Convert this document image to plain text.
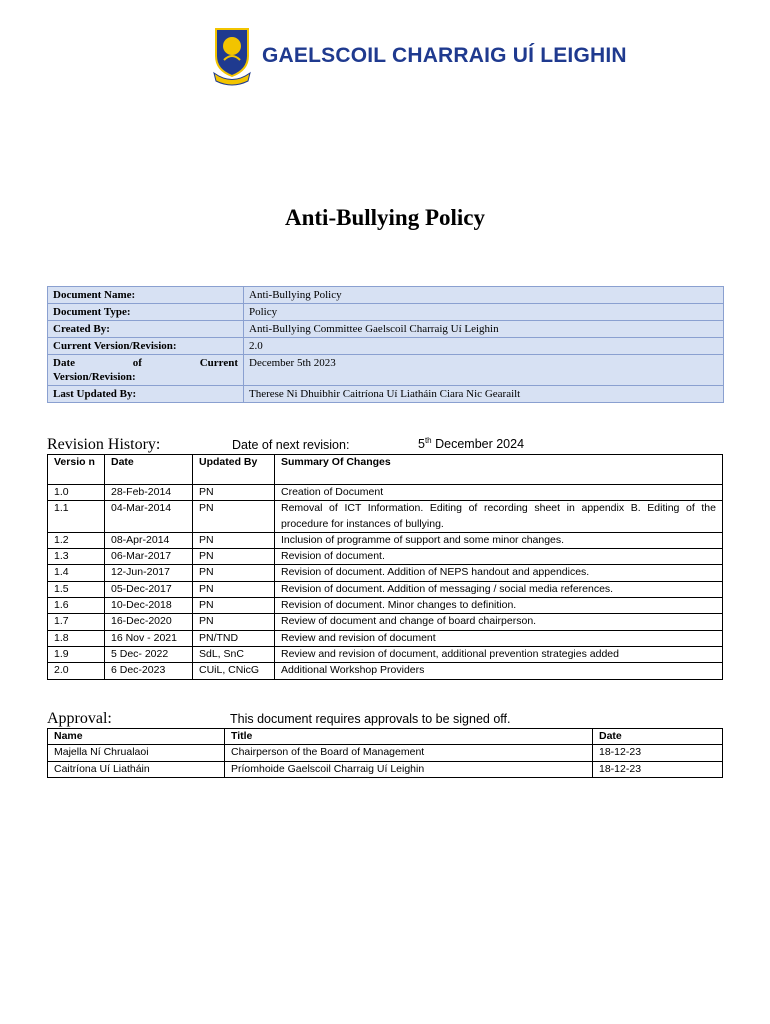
GAELSCOIL CHARRAIG UÍ LEIGHIN
Anti-Bullying Policy
Document Name:	Anti-Bullying Policy
Document Type:	Policy
Created By:	Anti-Bullying Committee Gaelscoil Charraig Uí Leighin
Current Version/Revision:	2.0

Date of Current
Version/Revision:	December 5th 2023
Last Updated By:	Therese Ni Dhuibhir Caitríona Uí Liatháin Ciara Nic Gearailt
Revision History:	Date of next revision:	5th December 2024
Versio n	Date	Updated By	Summary Of Changes
1.0	28-Feb-2014	PN	Creation of Document
1.1	04-Mar-2014	PN	Removal of ICT Information. Editing of recording sheet in appendix B. Editing of the procedure for instances of bullying.
1.2	08-Apr-2014	PN	Inclusion of programme of support and some minor changes.
1.3	06-Mar-2017	PN	Revision of document.
1.4	12-Jun-2017	PN	Revision of document. Addition of NEPS handout and appendices.
1.5	05-Dec-2017	PN	Revision of document. Addition of messaging / social media references.
1.6	10-Dec-2018	PN	Revision of document. Minor changes to definition.
1.7	16-Dec-2020	PN	Review of document and change of board chairperson.
1.8	16 Nov - 2021	PN/TND	Review and revision of document
1.9	5 Dec- 2022	SdL, SnC	Review and revision of document, additional prevention strategies added
2.0	6 Dec-2023	CUiL, CNicG	Additional Workshop Providers
Approval:	This document requires approvals to be signed off.
Name	Title	Date
Majella Ní Chrualaoi	Chairperson of the Board of Management	18-12-23
Caitríona Uí Liatháin	Príomhoide Gaelscoil Charraig Uí Leighin	18-12-23
